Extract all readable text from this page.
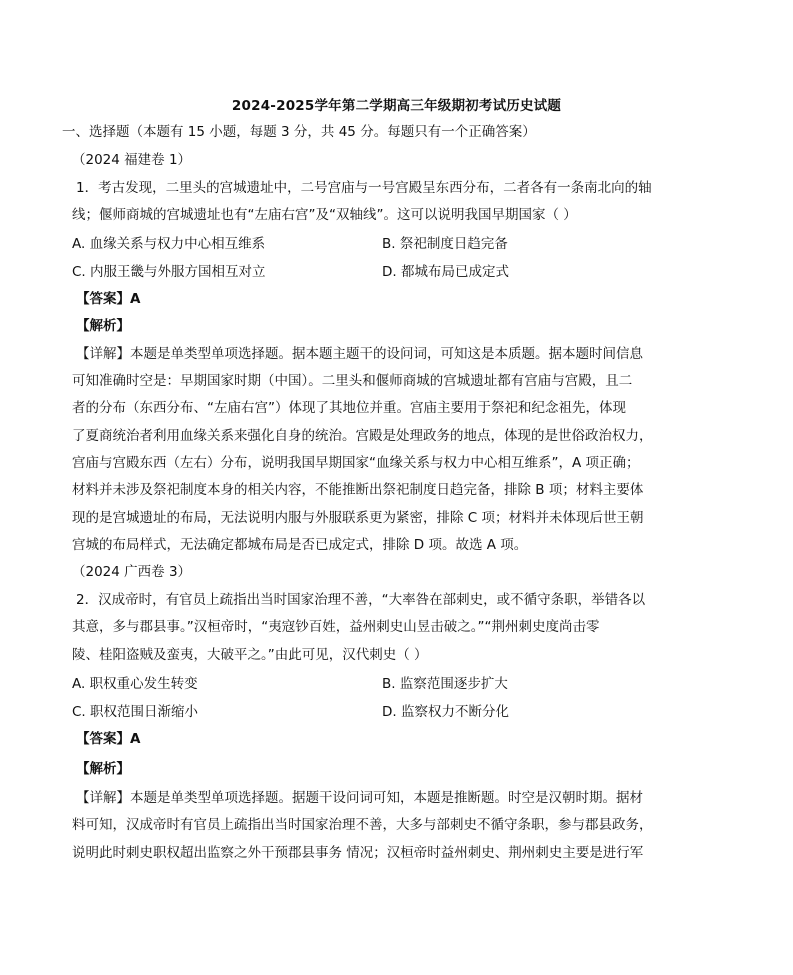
2024-2025学年第二学期高三年级期初考试历史试题
一、选择题（本题有 15 小题，每题 3 分，共 45 分。每题只有一个正确答案）
（2024 福建卷 1）
1．考古发现，二里头的宫城遗址中，二号宫庙与一号宫殿呈东西分布，二者各有一条南北向的轴
线；偃师商城的宫城遗址也有“左庙右宫”及“双轴线”。这可以说明我国早期国家（ ）
A. 血缘关系与权力中心相互维系	B. 祭祀制度日趋完备
C. 内服王畿与外服方国相互对立	D. 都城布局已成定式
【答案】A
【解析】
【详解】本题是单类型单项选择题。据本题主题干的设问词，可知这是本质题。据本题时间信息
可知准确时空是：早期国家时期（中国）。二里头和偃师商城的宫城遗址都有宫庙与宫殿，且二
者的分布（东西分布、“左庙右宫”）体现了其地位并重。宫庙主要用于祭祀和纪念祖先，体现
了夏商统治者利用血缘关系来强化自身的统治。宫殿是处理政务的地点，体现的是世俗政治权力，
宫庙与宫殿东西（左右）分布，说明我国早期国家“血缘关系与权力中心相互维系”，A 项正确；
材料并未涉及祭祀制度本身的相关内容，不能推断出祭祀制度日趋完备，排除 B 项；材料主要体
现的是宫城遗址的布局，无法说明内服与外服联系更为紧密，排除 C 项；材料并未体现后世王朝
宫城的布局样式，无法确定都城布局是否已成定式，排除 D 项。故选 A 项。
（2024 广西卷 3）
2．汉成帝时，有官员上疏指出当时国家治理不善，“大率咎在部刺史，或不循守条职，举错各以
其意，多与郡县事。”汉桓帝时，“夷寇钞百姓，益州刺史山昱击破之。”“荆州刺史度尚击零
陵、桂阳盗贼及蛮夷，大破平之。”由此可见，汉代刺史（ ）
A. 职权重心发生转变	B. 监察范围逐步扩大
C. 职权范围日渐缩小	D. 监察权力不断分化
【答案】A
【解析】
【详解】本题是单类型单项选择题。据题干设问词可知，本题是推断题。时空是汉朝时期。据材
料可知，汉成帝时有官员上疏指出当时国家治理不善，大多与部刺史不循守条职，参与郡县政务，
说明此时刺史职权超出监察之外干预郡县事务 情况；汉桓帝时益州刺史、荆州刺史主要是进行军
